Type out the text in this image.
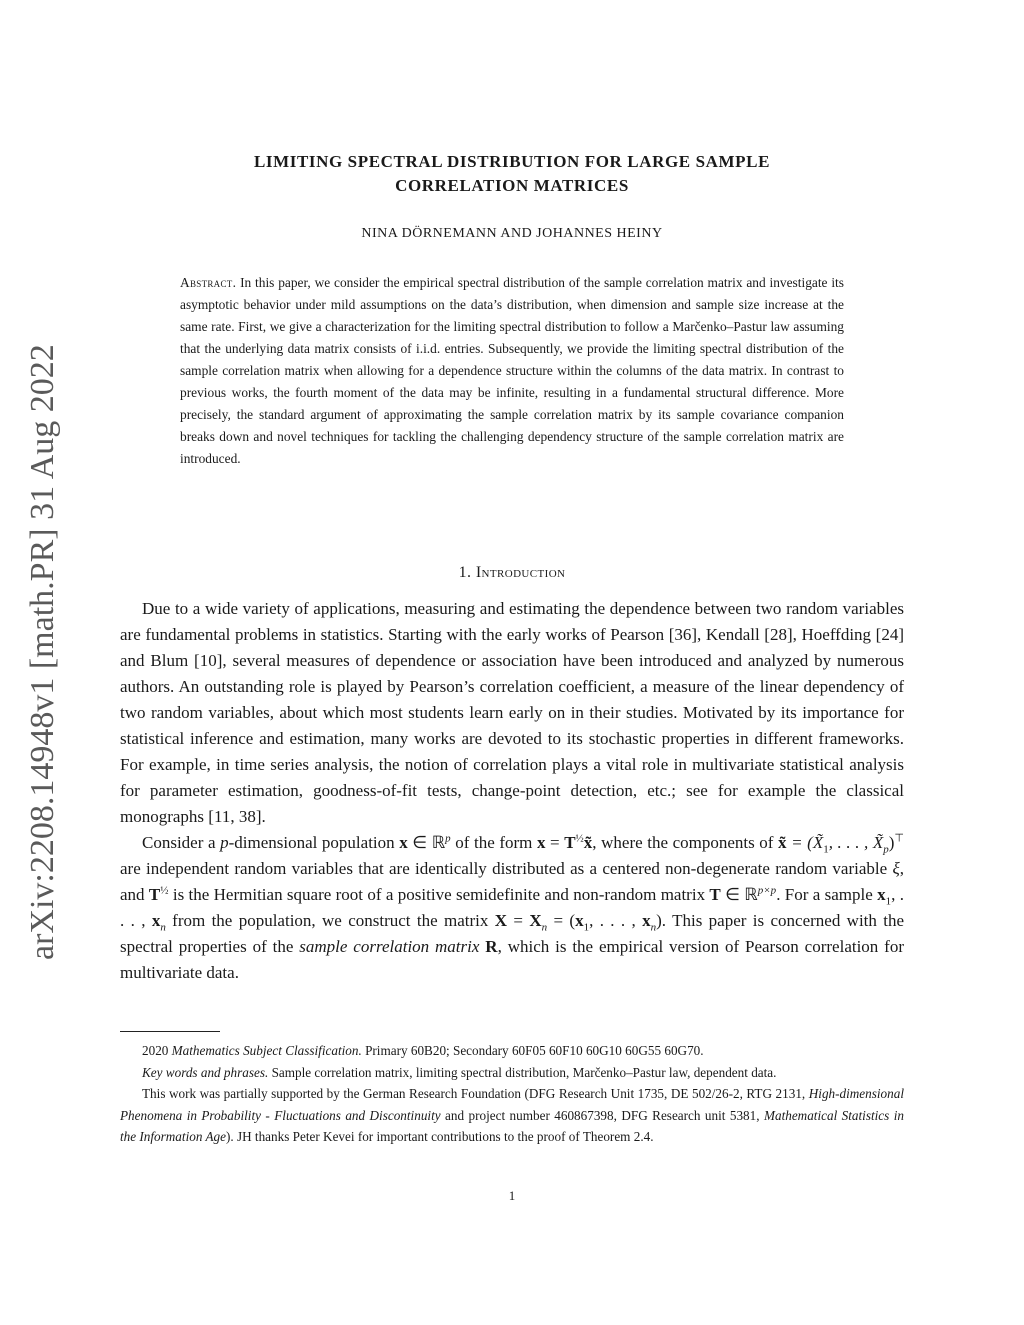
arXiv:2208.14948v1 [math.PR] 31 Aug 2022
LIMITING SPECTRAL DISTRIBUTION FOR LARGE SAMPLE
CORRELATION MATRICES
NINA DÖRNEMANN AND JOHANNES HEINY
Abstract. In this paper, we consider the empirical spectral distribution of the sample correlation matrix and investigate its asymptotic behavior under mild assumptions on the data’s distribution, when dimension and sample size increase at the same rate. First, we give a characterization for the limiting spectral distribution to follow a Marčenko–Pastur law assuming that the underlying data matrix consists of i.i.d. entries. Subsequently, we provide the limiting spectral distribution of the sample correlation matrix when allowing for a dependence structure within the columns of the data matrix. In contrast to previous works, the fourth moment of the data may be infinite, resulting in a fundamental structural difference. More precisely, the standard argument of approximating the sample correlation matrix by its sample covariance companion breaks down and novel techniques for tackling the challenging dependency structure of the sample correlation matrix are introduced.
1. Introduction

Due to a wide variety of applications, measuring and estimating the dependence between two random variables are fundamental problems in statistics. Starting with the early works of Pearson [36], Kendall [28], Hoeffding [24] and Blum [10], several measures of dependence or association have been introduced and analyzed by numerous authors. An outstanding role is played by Pearson’s correlation coefficient, a measure of the linear dependency of two random variables, about which most students learn early on in their studies. Motivated by its importance for statistical inference and estimation, many works are devoted to its stochastic properties in different frameworks. For example, in time series analysis, the notion of correlation plays a vital role in multivariate statistical analysis for parameter estimation, goodness-of-fit tests, change-point detection, etc.; see for example the classical monographs [11, 38].

Consider a p-dimensional population x ∈ ℝ$^p$ of the form $x = T^{\frac{1}{2}}x̃$, where the components of x̃ = ($X̃_1$, . . . , $X̃_p)^⊤$ are independent random variables that are identically distributed as a centered non-degenerate random variable ξ, and $T^{\frac{1}{2}}$ is the Hermitian square root of a positive semidefinite and non-random matrix T ∈ ℝ$^{p\times p}$. For a sample $x_1$, . . . , $x_n$ from the population, we construct the matrix $X = X_n = (x_1$, . . . , $x_n$). This paper is concerned with the spectral properties of the sample correlation matrix R, which is the empirical version of Pearson correlation for multivariate data.

2020 Mathematics Subject Classification. Primary 60B20; Secondary 60F05 60F10 60G10 60G55 60G70.

Key words and phrases. Sample correlation matrix, limiting spectral distribution, Marčenko–Pastur law, dependent data.

This work was partially supported by the German Research Foundation (DFG Research Unit 1735, DE 502/26-2, RTG 2131, High-dimensional Phenomena in Probability - Fluctuations and Discontinuity and project number 460867398, DFG Research unit 5381, Mathematical Statistics in the Information Age). JH thanks Peter Kevei for important contributions to the proof of Theorem 2.4.

1
